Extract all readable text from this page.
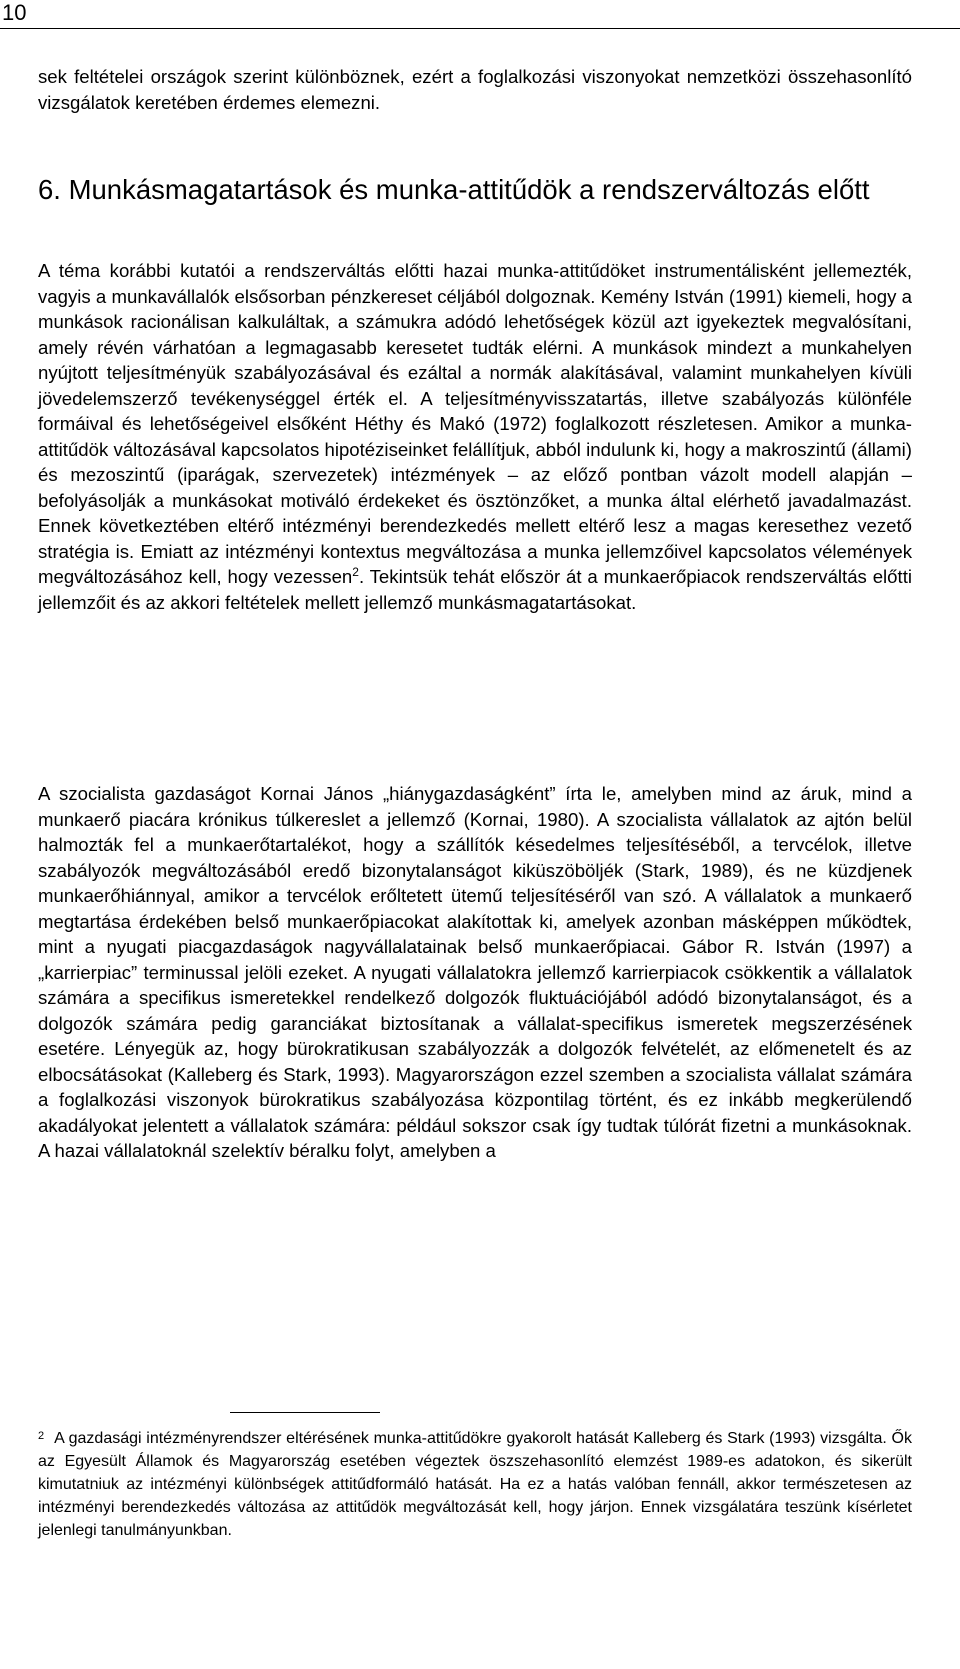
10

sek feltételei országok szerint különböznek, ezért a foglalkozási viszonyokat nemzetközi összehasonlító vizsgálatok keretében érdemes elemezni.

6. Munkásmagatartások és munka-attitűdök a rendszerváltozás előtt

A téma korábbi kutatói a rendszerváltás előtti hazai munka-attitűdöket instrumentálisként jellemezték, vagyis a munkavállalók elsősorban pénzkereset céljából dolgoznak. Kemény István (1991) kiemeli, hogy a munkások racionálisan kalkuláltak, a számukra adódó lehetőségek közül azt igyekeztek megvalósítani, amely révén várhatóan a legmagasabb keresetet tudták elérni. A munkások mindezt a munkahelyen nyújtott teljesítményük szabályozásával és ezáltal a normák alakításával, valamint munkahelyen kívüli jövedelemszerző tevékenységgel érték el. A teljesítményvisszatartás, illetve szabályozás különféle formáival és lehetőségeivel elsőként Héthy és Makó (1972) foglalkozott részletesen. Amikor a munka-attitűdök változásával kapcsolatos hipotéziseinket felállítjuk, abból indulunk ki, hogy a makroszintű (állami) és mezoszintű (iparágak, szervezetek) intézmények – az előző pontban vázolt modell alapján – befolyásolják a munkásokat motiváló érdekeket és ösztönzőket, a munka által elérhető javadalmazást. Ennek következtében eltérő intézményi berendezkedés mellett eltérő lesz a magas keresethez vezető stratégia is. Emiatt az intézményi kontextus megváltozása a munka jellemzőivel kapcsolatos vélemények megváltozásához kell, hogy vezessen$^2$. Tekintsük tehát először át a munkaerőpiacok rendszerváltás előtti jellemzőit és az akkori feltételek mellett jellemző munkásmagatartásokat.

A szocialista gazdaságot Kornai János „hiánygazdaságként” írta le, amelyben mind az áruk, mind a munkaerő piacára krónikus túlkereslet a jellemző (Kornai, 1980). A szocialista vállalatok az ajtón belül halmozták fel a munkaerőtartalékot, hogy a szállítók késedelmes teljesítéséből, a tervcélok, illetve szabályozók megváltozásából eredő bizonytalanságot kiküszöböljék (Stark, 1989), és ne küzdjenek munkaerőhiánnyal, amikor a tervcélok erőltetett ütemű teljesítéséről van szó. A vállalatok a munkaerő megtartása érdekében belső munkaerőpiacokat alakítottak ki, amelyek azonban másképpen működtek, mint a nyugati piacgazdaságok nagyvállalatainak belső munkaerőpiacai. Gábor R. István (1997) a „karrierpiac” terminussal jelöli ezeket. A nyugati vállalatokra jellemző karrierpiacok csökkentik a vállalatok számára a specifikus ismeretekkel rendelkező dolgozók fluktuációjából adódó bizonytalanságot, és a dolgozók számára pedig garanciákat biztosítanak a vállalat-specifikus ismeretek megszerzésének esetére. Lényegük az, hogy bürokratikusan szabályozzák a dolgozók felvételét, az előmenetelt és az elbocsátásokat (Kalleberg és Stark, 1993). Magyarországon ezzel szemben a szocialista vállalat számára a foglalkozási viszonyok bürokratikus szabályozása központilag történt, és ez inkább megkerülendő akadályokat jelentett a vállalatok számára: például sokszor csak így tudtak túlórát fizetni a munkásoknak. A hazai vállalatoknál szelektív béralku folyt, amelyben a

$^2$ A gazdasági intézményrendszer eltérésének munka-attitűdökre gyakorolt hatását Kalleberg és Stark (1993) vizsgálta. Ők az Egyesült Államok és Magyarország esetében végeztek öszszehasonlító elemzést 1989-es adatokon, és sikerült kimutatniuk az intézményi különbségek attitűdformáló hatását. Ha ez a hatás valóban fennáll, akkor természetesen az intézményi berendezkedés változása az attitűdök megváltozását kell, hogy járjon. Ennek vizsgálatára teszünk kísérletet jelenlegi tanulmányunkban.
